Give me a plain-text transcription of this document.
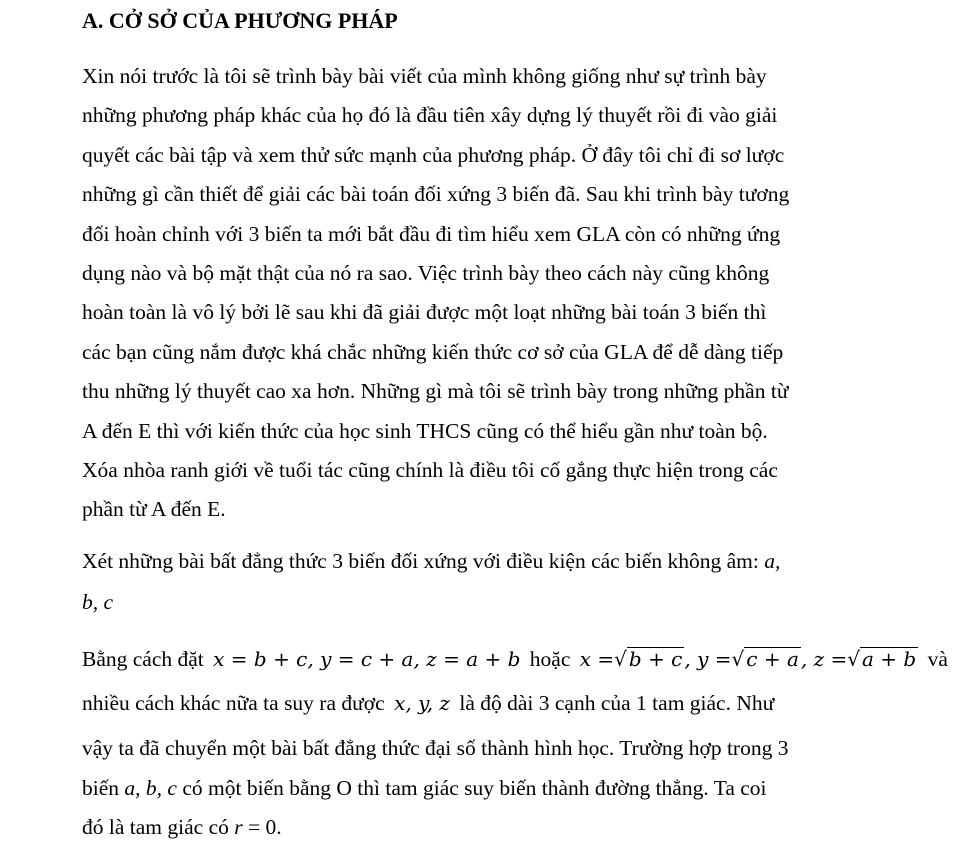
A. CỞ SỞ CỦA PHƯƠNG PHÁP
Xin nói trước là tôi sẽ trình bày bài viết của mình không giống như sự trình bày
những phương pháp khác của họ đó là đầu tiên xây dựng lý thuyết rồi đi vào giải
quyết các bài tập và xem thử sức mạnh của phương pháp. Ở đây tôi chỉ đi sơ lược
những gì cần thiết để giải các bài toán đối xứng 3 biến đã. Sau khi trình bày tương
đối hoàn chỉnh với 3 biến ta mới bắt đầu đi tìm hiểu xem GLA còn có những ứng
dụng nào và bộ mặt thật của nó ra sao. Việc trình bày theo cách này cũng không
hoàn toàn là vô lý bởi lẽ sau khi đã giải được một loạt những bài toán 3 biến thì
các bạn cũng nắm được khá chắc những kiến thức cơ sở của GLA để dễ dàng tiếp
thu những lý thuyết cao xa hơn. Những gì mà tôi sẽ trình bày trong những phần từ
A đến E thì với kiến thức của học sinh THCS cũng có thể hiểu gần như toàn bộ.
Xóa nhòa ranh giới về tuổi tác cũng chính là điều tôi cố gắng thực hiện trong các
phần từ A đến E.
Xét những bài bất đẳng thức 3 biến đối xứng với điều kiện các biến không âm: a,
b, c
Bằng cách đặt x = b + c, y = c + a, z = a + b hoặc x =√ b + c , y =√ c + a , z =√ a + b và
nhiều cách khác nữa ta suy ra được x, y, z là độ dài 3 cạnh của 1 tam giác. Như
vậy ta đã chuyển một bài bất đẳng thức đại số thành hình học. Trường hợp trong 3
biến a, b, c có một biến bằng O thì tam giác suy biến thành đường thẳng. Ta coi
đó là tam giác có r = 0.
